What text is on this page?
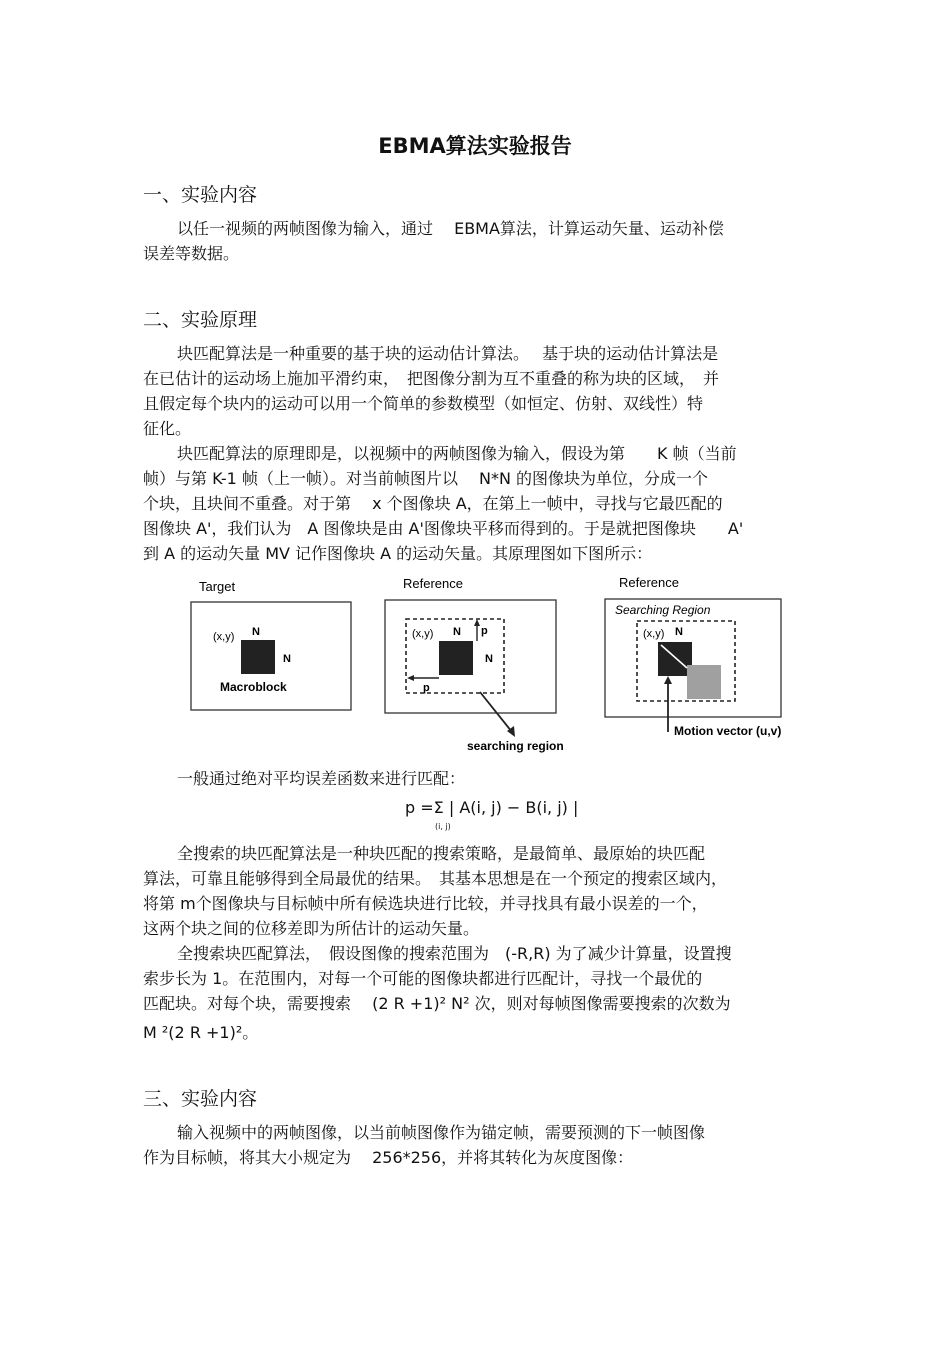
EBMA算法实验报告
一、实验内容
以任一视频的两帧图像为输入，通过　 EBMA算法，计算运动矢量、运动补偿
误差等数据。
二、实验原理
块匹配算法是一种重要的基于块的运动估计算法。　 基于块的运动估计算法是
在已估计的运动场上施加平滑约束，　把图像分割为互不重叠的称为块的区域，　并
且假定每个块内的运动可以用一个简单的参数模型（如恒定、仿射、双线性）特
征化。
块匹配算法的原理即是，以视频中的两帧图像为输入，假设为第　　K 帧（当前
帧）与第 K-1 帧（上一帧）。对当前帧图片以　 N*N 的图像块为单位，分成一个
个块，且块间不重叠。对于第　 x 个图像块 A，在第上一帧中，寻找与它最匹配的
图像块 A'，我们认为　A 图像块是由 A'图像块平移而得到的。于是就把图像块　　A'
到 A 的运动矢量 MV 记作图像块 A 的运动矢量。其原理图如下图所示：
Target
(x,y) N
N
Macroblock
Reference
(x,y) N p
N
p
searching region
Reference
Searching Region
(x,y) N
Motion vector (u,v)
一般通过绝对平均误差函数来进行匹配：
p =Σ | A(i, j) − B(i, j) |
(i, j)
全搜索的块匹配算法是一种块匹配的搜索策略，是最简单、最原始的块匹配
算法，可靠且能够得到全局最优的结果。　其基本思想是在一个预定的搜索区域内，
将第 m个图像块与目标帧中所有候选块进行比较，并寻找具有最小误差的一个，
这两个块之间的位移差即为所估计的运动矢量。
全搜索块匹配算法，　假设图像的搜索范围为　(-R,R) 为了减少计算量，设置搜
索步长为 1。在范围内，对每一个可能的图像块都进行匹配计，寻找一个最优的
匹配块。对每个块，需要搜索　 (2 R +1)² N² 次，则对每帧图像需要搜索的次数为
M ²(2 R +1)²。
三、实验内容
输入视频中的两帧图像，以当前帧图像作为锚定帧，需要预测的下一帧图像
作为目标帧，将其大小规定为　 256*256，并将其转化为灰度图像：
